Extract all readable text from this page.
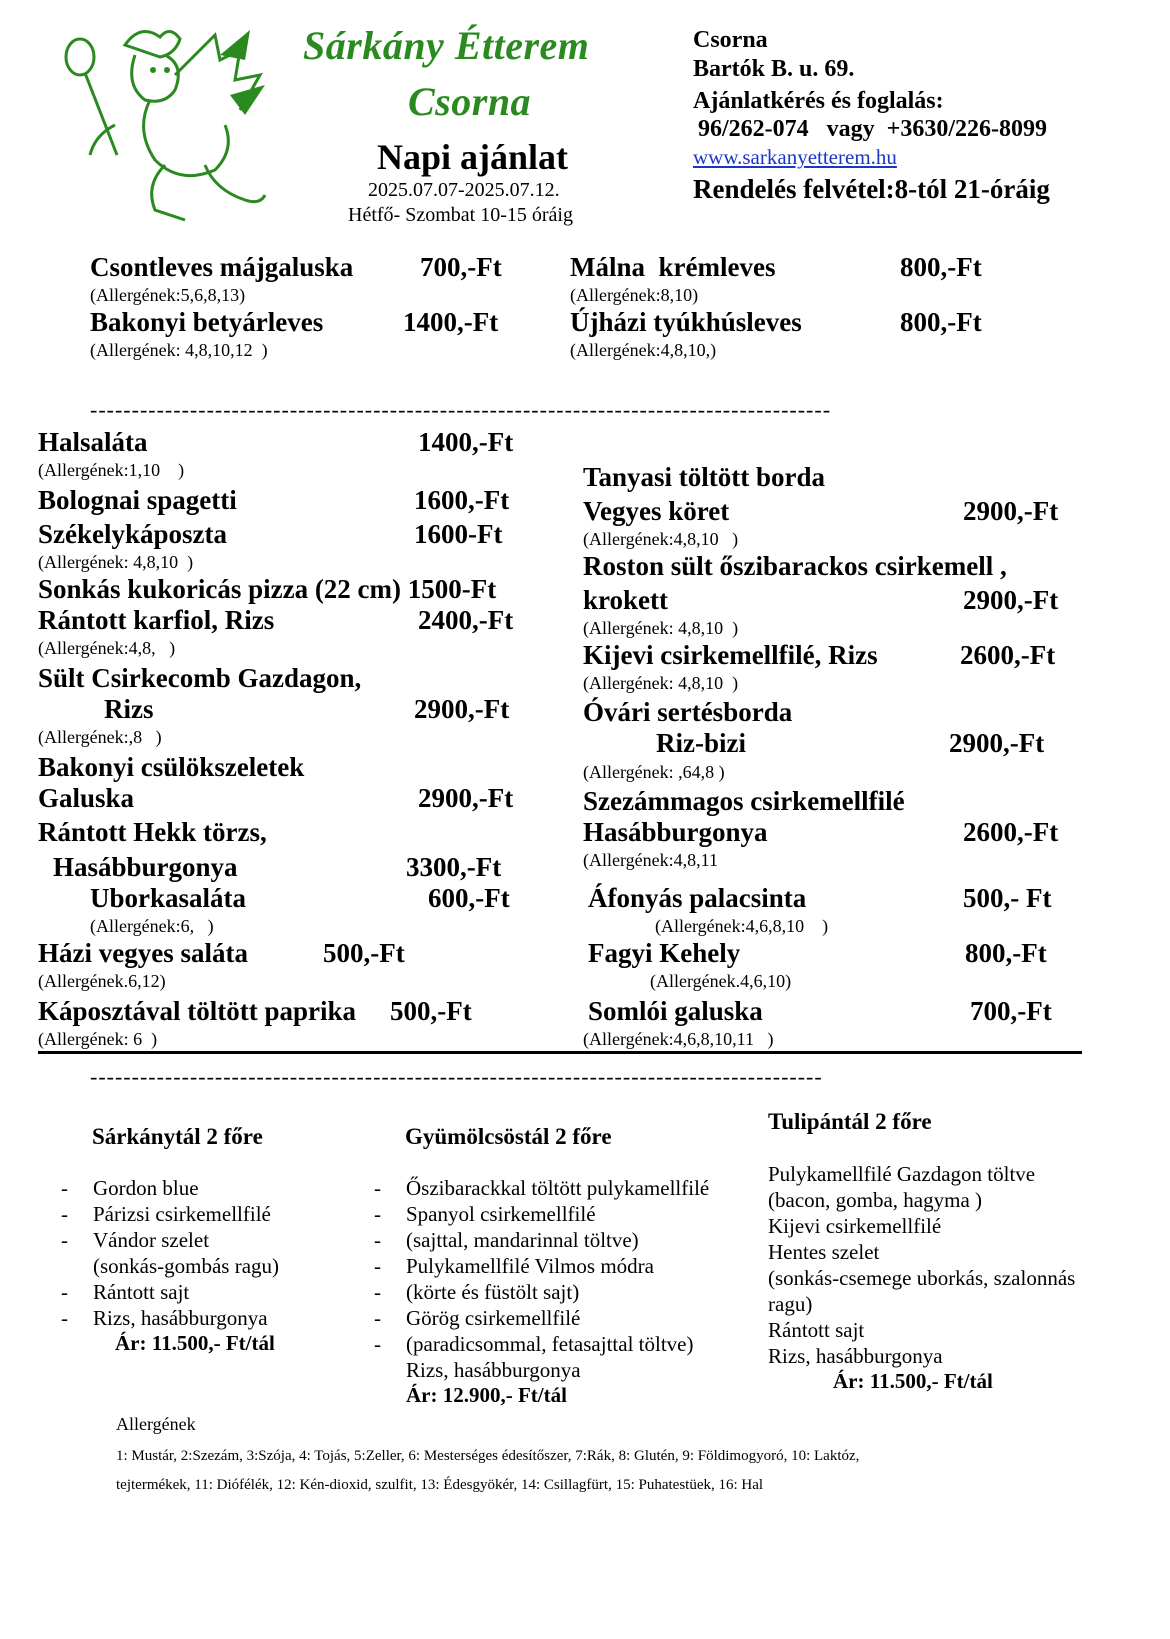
Sárkány Étterem
Csorna
Napi ajánlat
2025.07.07-2025.07.12.
Hétfő- Szombat 10-15 óráig
Csorna
Bartók B. u. 69.
Ajánlatkérés és foglalás:
96/262-074   vagy  +3630/226-8099
www.sarkanyetterem.hu
Rendelés felvétel:8-tól 21-óráig
Csontleves májgaluska 700,-Ft
(Allergének:5,6,8,13)
Málna  krémleves	800,-Ft
(Allergének:8,10)
Bakonyi betyárleves	1400,-Ft
(Allergének: 4,8,10,12  )
Újházi tyúkhúsleves	800,-Ft
(Allergének:4,8,10,)
-----------------------------------------------------------------------------------------
Halsaláta	1400,-Ft
(Allergének:1,10    )
Bolognai spagetti	1600,-Ft
Székelykáposzta	1600-Ft
(Allergének: 4,8,10  )
Sonkás kukoricás pizza (22 cm) 1500-Ft
Rántott karfiol, Rizs	2400,-Ft
(Allergének:4,8,   )
Sült Csirkecomb Gazdagon,
Rizs	2900,-Ft
(Allergének:,8   )
Bakonyi csülökszeletek
Galuska	2900,-Ft
Rántott Hekk törzs,
Hasábburgonya	3300,-Ft
Uborkasaláta	600,-Ft
(Allergének:6,   )
Házi vegyes saláta	500,-Ft
(Allergének.6,12)
Káposztával töltött paprika 500,-Ft
(Allergének: 6  )
Tanyasi töltött borda
Vegyes köret	2900,-Ft
(Allergének:4,8,10   )
Roston sült őszibarackos csirkemell ,
krokett	2900,-Ft
(Allergének: 4,8,10  )
Kijevi csirkemellfilé, Rizs	2600,-Ft
(Allergének: 4,8,10  )
Óvári sertésborda
Riz-bizi	2900,-Ft
(Allergének: ,64,8 )
Szezámmagos csirkemellfilé
Hasábburgonya	2600,-Ft
(Allergének:4,8,11
Áfonyás palacsinta	500,- Ft
(Allergének:4,6,8,10    )
Fagyi Kehely	800,-Ft
(Allergének.4,6,10)
Somlói galuska	700,-Ft
(Allergének:4,6,8,10,11   )
----------------------------------------------------------------------------------------
Sárkánytál 2 főre	Gyümölcsöstál 2 főre
Tulipántál 2 főre
- Gordon blue
- Párizsi csirkemellfilé
- Vándor szelet
(sonkás-gombás ragu)
- Rántott sajt
- Rizs, hasábburgonya
Ár: 11.500,- Ft/tál
- Őszibarackkal töltött pulykamellfilé
- Spanyol csirkemellfilé
- (sajttal, mandarinnal töltve)
- Pulykamellfilé Vilmos módra
- (körte és füstölt sajt)
- Görög csirkemellfilé
- (paradicsommal, fetasajttal töltve)
Rizs, hasábburgonya
Ár: 12.900,- Ft/tál
Pulykamellfilé Gazdagon töltve
(bacon, gomba, hagyma )
Kijevi csirkemellfilé
Hentes szelet
(sonkás-csemege uborkás, szalonnás
ragu)
Rántott sajt
Rizs, hasábburgonya
Ár: 11.500,- Ft/tál
Allergének
1: Mustár, 2:Szezám, 3:Szója, 4: Tojás, 5:Zeller, 6: Mesterséges édesítőszer, 7:Rák, 8: Glutén, 9: Földimogyoró, 10: Laktóz,
tejtermékek, 11: Diófélék, 12: Kén-dioxid, szulfit, 13: Édesgyökér, 14: Csillagfürt, 15: Puhatestüek, 16: Hal
